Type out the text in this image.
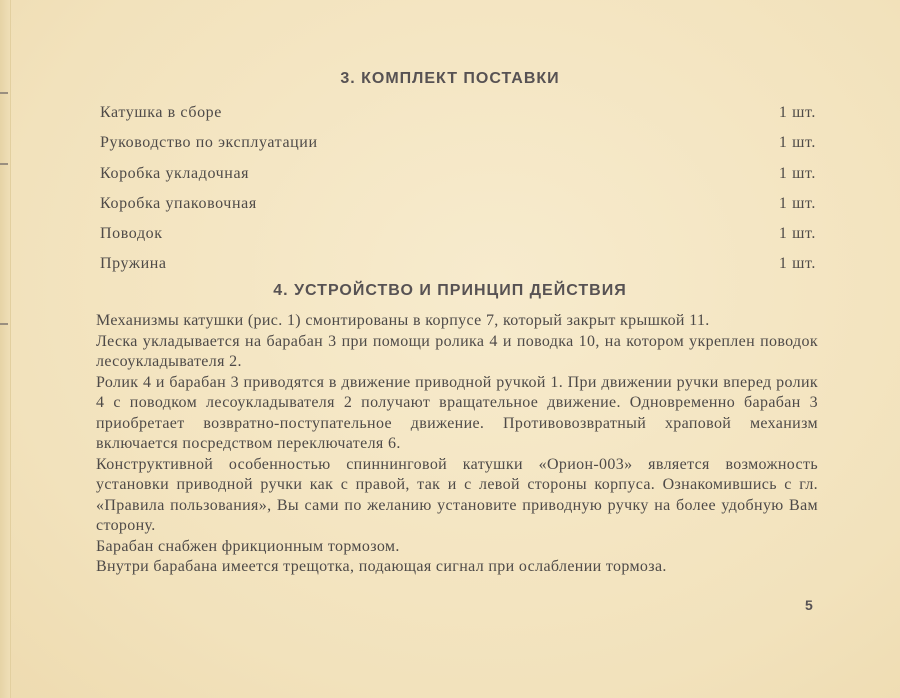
3. КОМПЛЕКТ ПОСТАВКИ
Катушка в сборе	1 шт.
Руководство по эксплуатации	1 шт.
Коробка укладочная	1 шт.
Коробка упаковочная	1 шт.
Поводок	1 шт.
Пружина	1 шт.
4. УСТРОЙСТВО И ПРИНЦИП ДЕЙСТВИЯ

Механизмы катушки (рис. 1) смонтированы в корпусе 7, который закрыт крышкой 11.

Леска укладывается на барабан 3 при помощи ролика 4 и поводка 10, на котором укреплен поводок лесоукладывателя 2.

Ролик 4 и барабан 3 приводятся в движение приводной ручкой 1. При движении ручки вперед ролик 4 с поводком лесоукладывателя 2 получают вращательное движение. Одновременно барабан 3 приобретает возвратно-поступательное движение. Противовозвратный храповой механизм включается посредством переключателя 6.

Конструктивной особенностью спиннинговой катушки «Орион-003» является возможность установки приводной ручки как с правой, так и с левой стороны корпуса. Ознакомившись с гл. «Правила пользования», Вы сами по желанию установите приводную ручку на более удобную Вам сторону.

Барабан снабжен фрикционным тормозом.

Внутри барабана имеется трещотка, подающая сигнал при ослаблении тормоза.

5
